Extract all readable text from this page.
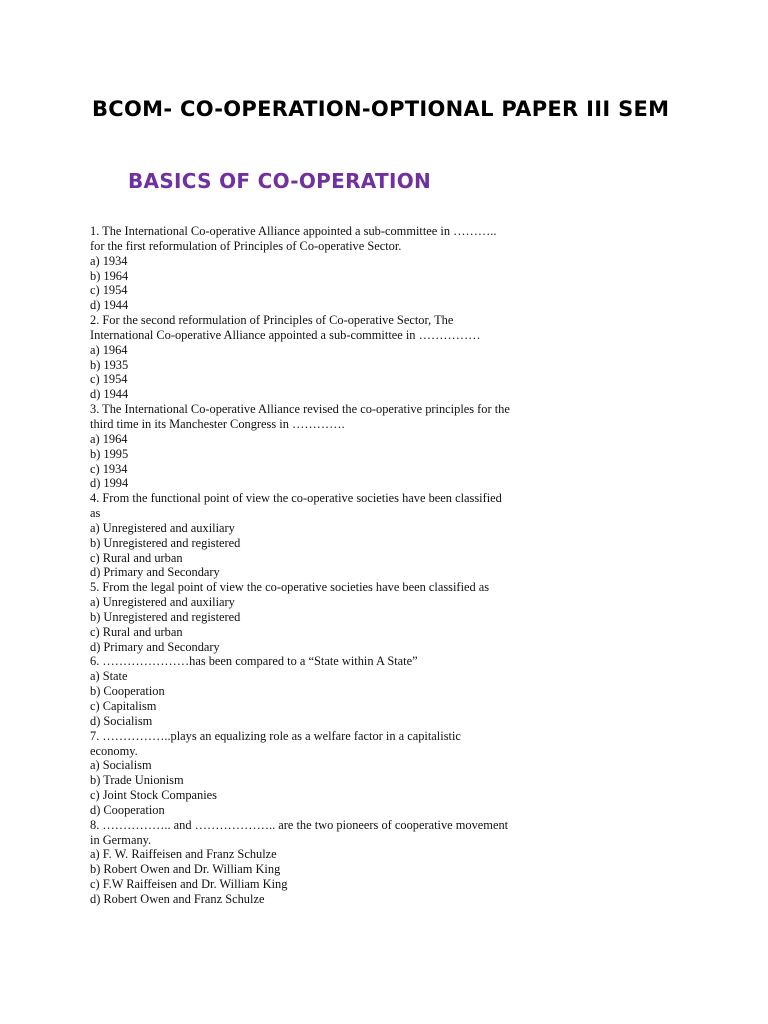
BCOM- CO-OPERATION-OPTIONAL PAPER III SEM
BASICS OF CO-OPERATION
1. The International Co-operative Alliance appointed a sub-committee in ……….. for the first reformulation of Principles of Co-operative Sector.
a) 1934
b) 1964
c) 1954
d) 1944
2. For the second reformulation of Principles of Co-operative Sector, The International Co-operative Alliance appointed a sub-committee in ……………
a) 1964
b) 1935
c) 1954
d) 1944
3. The International Co-operative Alliance revised the co-operative principles for the third time in its Manchester Congress in ………….
a) 1964
b) 1995
c) 1934
d) 1994
4. From the functional point of view the co-operative societies have been classified as
a) Unregistered and auxiliary
b) Unregistered and registered
c) Rural and urban
d) Primary and Secondary
5. From the legal point of view the co-operative societies have been classified as
a) Unregistered and auxiliary
b) Unregistered and registered
c) Rural and urban
d) Primary and Secondary
6. …………………has been compared to a “State within A State”
a) State
b) Cooperation
c) Capitalism
d) Socialism
7. ……………..plays an equalizing role as a welfare factor in a capitalistic economy.
a) Socialism
b) Trade Unionism
c) Joint Stock Companies
d) Cooperation
8. …………….. and ……………….. are the two pioneers of cooperative movement in Germany.
a) F. W. Raiffeisen and Franz Schulze
b) Robert Owen and Dr. William King
c) F.W Raiffeisen and Dr. William King
d) Robert Owen and Franz Schulze
